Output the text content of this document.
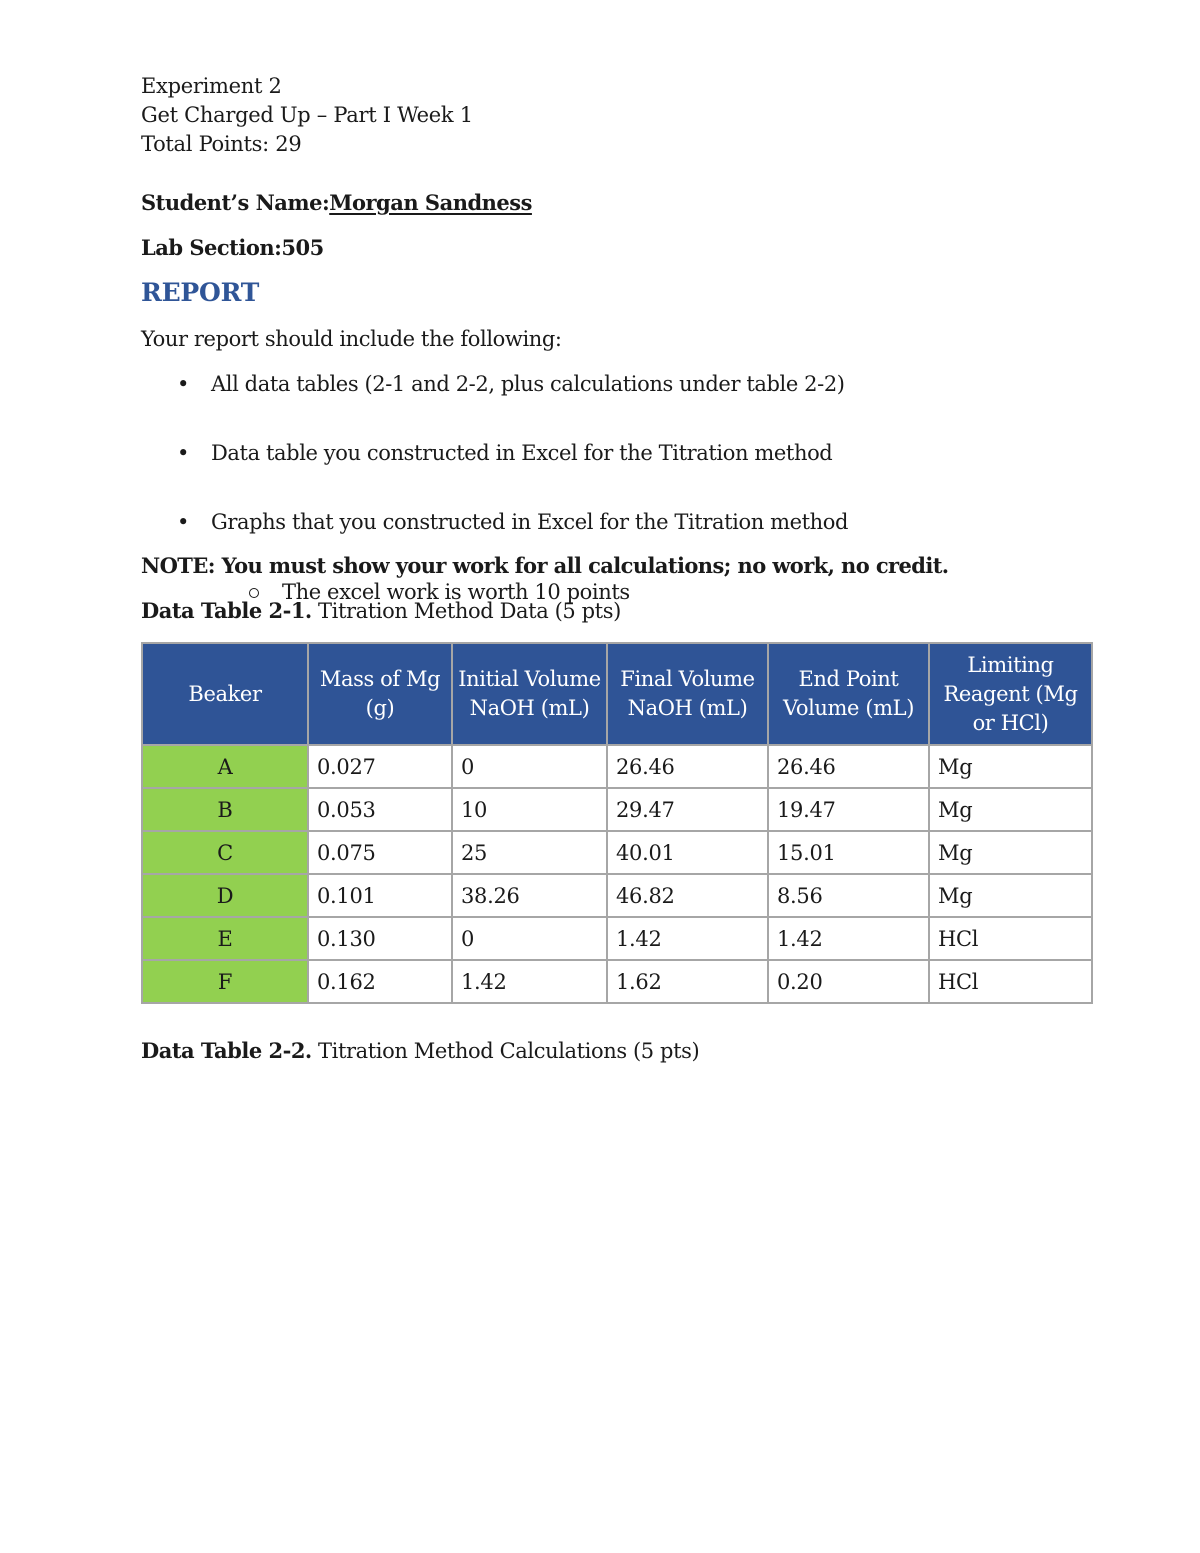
Experiment 2

Get Charged Up – Part I Week 1

Total Points: 29

Student’s Name:Morgan Sandness

Lab Section:505

REPORT

Your report should include the following:

• All data tables (2-1 and 2-2, plus calculations under table 2-2)
• Data table you constructed in Excel for the Titration method
• Graphs that you constructed in Excel for the Titration method
The excel work is worth 10 points

NOTE: You must show your work for all calculations; no work, no credit.

Data Table 2-1. Titration Method Data (5 pts)

Beaker	Mass of Mg (g)	Initial Volume NaOH (mL)	Final Volume NaOH (mL)	End Point Volume (mL)	Limiting Reagent (Mg or HCl)
A	0.027	0	26.46	26.46	Mg
B	0.053	10	29.47	19.47	Mg
C	0.075	25	40.01	15.01	Mg
D	0.101	38.26	46.82	8.56	Mg
E	0.130	0	1.42	1.42	HCl
F	0.162	1.42	1.62	0.20	HCl

Data Table 2-2. Titration Method Calculations (5 pts)
